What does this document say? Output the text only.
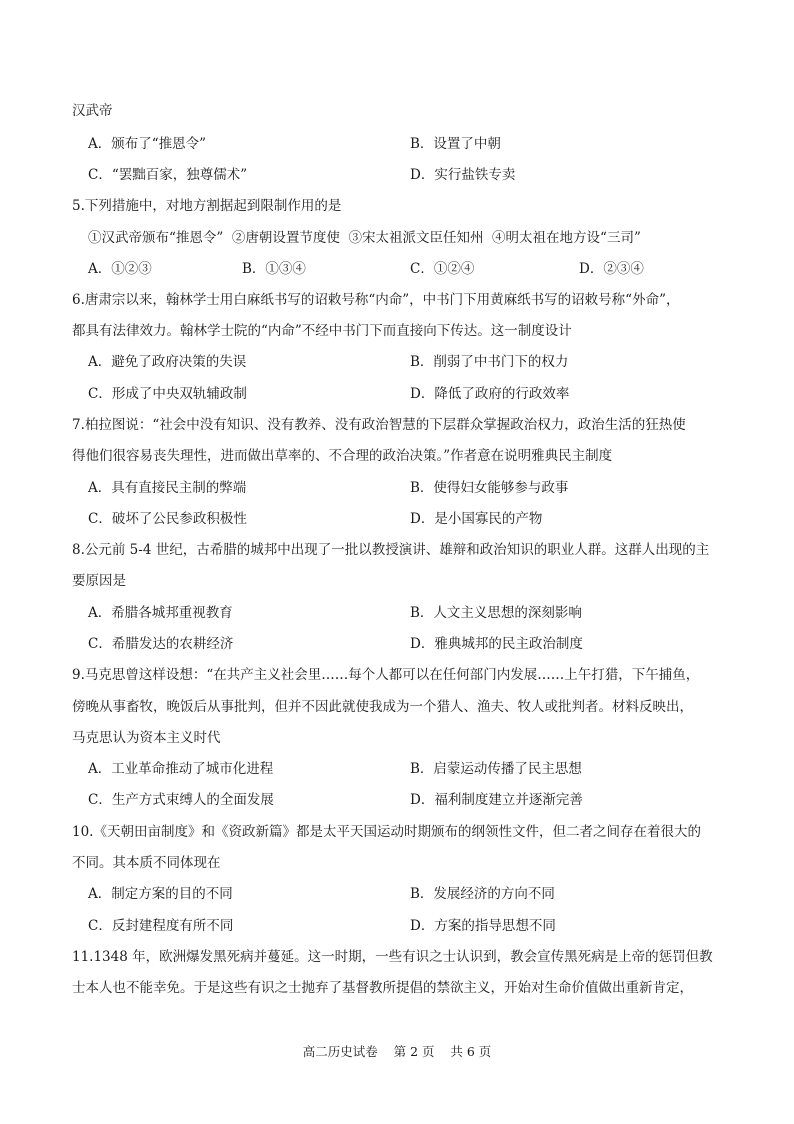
汉武帝
A．颁布了“推恩令”	B．设置了中朝
C．“罢黜百家，独尊儒术”	D．实行盐铁专卖
5.下列措施中，对地方割据起到限制作用的是
①汉武帝颁布“推恩令”  ②唐朝设置节度使  ③宋太祖派文臣任知州  ④明太祖在地方设“三司”
A．①②③	B．①③④	C．①②④	D．②③④
6.唐肃宗以来，翰林学士用白麻纸书写的诏敕号称“内命”，中书门下用黄麻纸书写的诏敕号称“外命”，
都具有法律效力。翰林学士院的“内命”不经中书门下而直接向下传达。这一制度设计
A．避免了政府决策的失误	B．削弱了中书门下的权力
C．形成了中央双轨辅政制	D．降低了政府的行政效率
7.柏拉图说：“社会中没有知识、没有教养、没有政治智慧的下层群众掌握政治权力，政治生活的狂热使
得他们很容易丧失理性，进而做出草率的、不合理的政治决策。”作者意在说明雅典民主制度
A．具有直接民主制的弊端	B．使得妇女能够参与政事
C．破坏了公民参政积极性	D．是小国寡民的产物
8.公元前 5-4 世纪，古希腊的城邦中出现了一批以教授演讲、雄辩和政治知识的职业人群。这群人出现的主
要原因是
A．希腊各城邦重视教育	B．人文主义思想的深刻影响
C．希腊发达的农耕经济	D．雅典城邦的民主政治制度
9.马克思曾这样设想：“在共产主义社会里……每个人都可以在任何部门内发展……上午打猎，下午捕鱼，
傍晚从事畜牧，晚饭后从事批判，但并不因此就使我成为一个猎人、渔夫、牧人或批判者。材料反映出，
马克思认为资本主义时代
A．工业革命推动了城市化进程	B．启蒙运动传播了民主思想
C．生产方式束缚人的全面发展	D．福利制度建立并逐渐完善
10.《天朝田亩制度》和《资政新篇》都是太平天国运动时期颁布的纲领性文件，但二者之间存在着很大的
不同。其本质不同体现在
A．制定方案的目的不同	B．发展经济的方向不同
C．反封建程度有所不同	D．方案的指导思想不同
11.1348 年，欧洲爆发黑死病并蔓延。这一时期，一些有识之士认识到，教会宣传黑死病是上帝的惩罚但教
士本人也不能幸免。于是这些有识之士抛弃了基督教所提倡的禁欲主义，开始对生命价值做出重新肯定，
高二历史试卷    第 2 页    共 6 页
